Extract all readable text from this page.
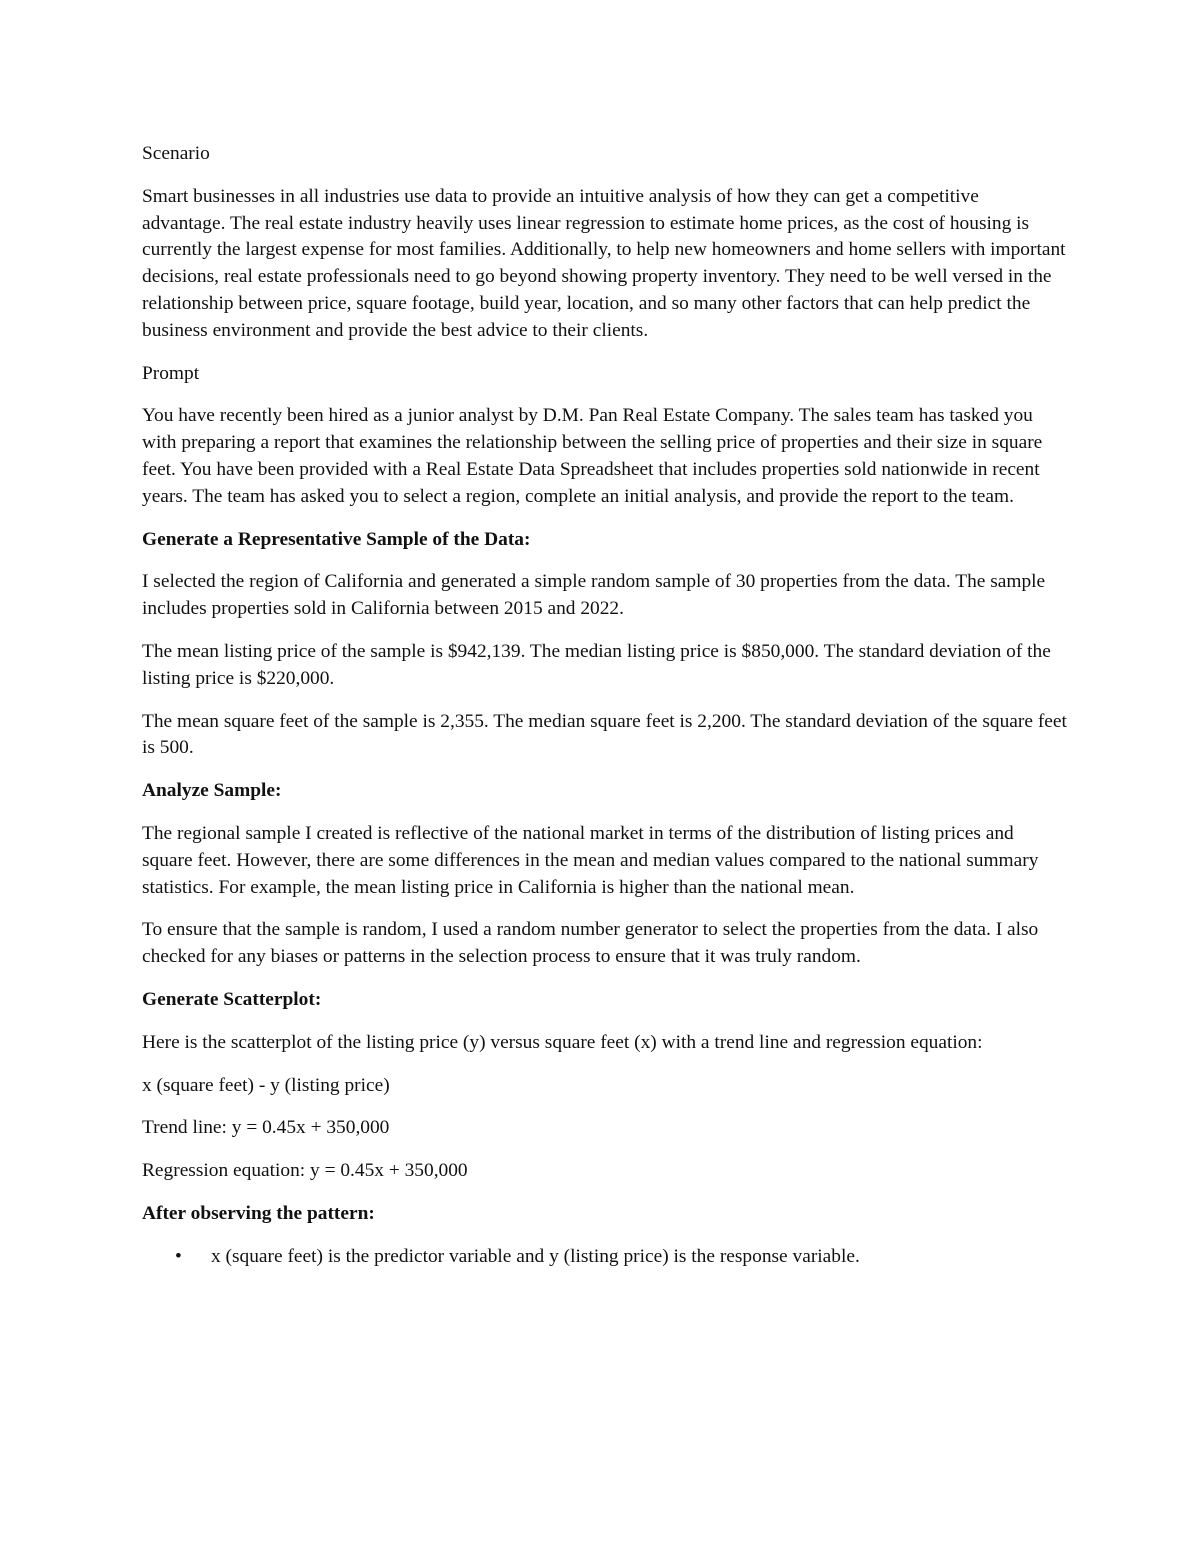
Scenario

Smart businesses in all industries use data to provide an intuitive analysis of how they can get a competitive advantage. The real estate industry heavily uses linear regression to estimate home prices, as the cost of housing is currently the largest expense for most families. Additionally, to help new homeowners and home sellers with important decisions, real estate professionals need to go beyond showing property inventory. They need to be well versed in the relationship between price, square footage, build year, location, and so many other factors that can help predict the business environment and provide the best advice to their clients.

Prompt

You have recently been hired as a junior analyst by D.M. Pan Real Estate Company. The sales team has tasked you with preparing a report that examines the relationship between the selling price of properties and their size in square feet. You have been provided with a Real Estate Data Spreadsheet that includes properties sold nationwide in recent years. The team has asked you to select a region, complete an initial analysis, and provide the report to the team.

Generate a Representative Sample of the Data:

I selected the region of California and generated a simple random sample of 30 properties from the data. The sample includes properties sold in California between 2015 and 2022.

The mean listing price of the sample is $942,139. The median listing price is $850,000. The standard deviation of the listing price is $220,000.

The mean square feet of the sample is 2,355. The median square feet is 2,200. The standard deviation of the square feet is 500.

Analyze Sample:

The regional sample I created is reflective of the national market in terms of the distribution of listing prices and square feet. However, there are some differences in the mean and median values compared to the national summary statistics. For example, the mean listing price in California is higher than the national mean.

To ensure that the sample is random, I used a random number generator to select the properties from the data. I also checked for any biases or patterns in the selection process to ensure that it was truly random.

Generate Scatterplot:

Here is the scatterplot of the listing price (y) versus square feet (x) with a trend line and regression equation:

x (square feet) - y (listing price)

Trend line: y = 0.45x + 350,000

Regression equation: y = 0.45x + 350,000

After observing the pattern:

• x (square feet) is the predictor variable and y (listing price) is the response variable.
